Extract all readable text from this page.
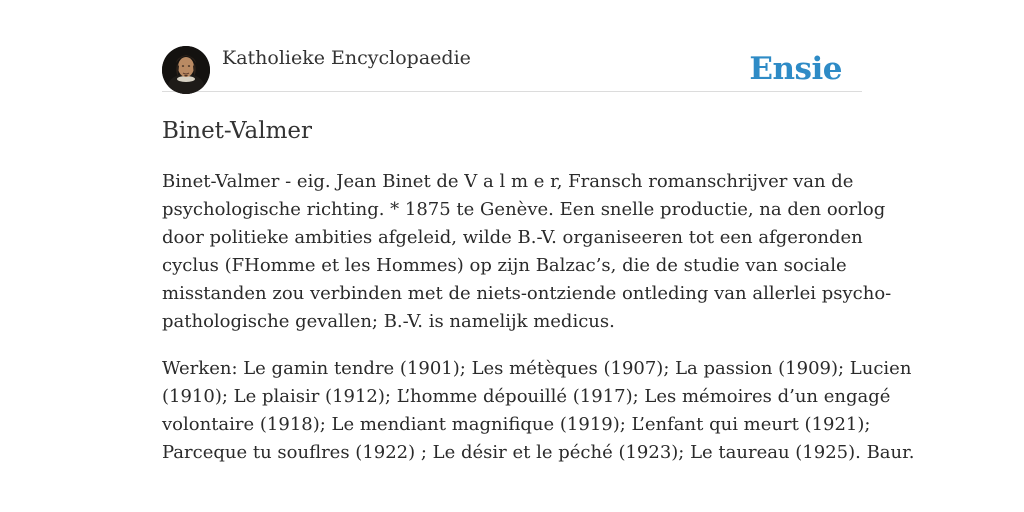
Katholieke Encyclopaedie	Ensie
Binet-Valmer

Binet-Valmer - eig. Jean Binet de V a l m e r, Fransch romanschrijver van de
psychologische richting. * 1875 te Genève. Een snelle productie, na den oorlog
door politieke ambities afgeleid, wilde B.-V. organiseeren tot een afgeronden
cyclus (FHomme et les Hommes) op zijn Balzac’s, die de studie van sociale
misstanden zou verbinden met de niets-ontziende ontleding van allerlei psycho-
pathologische gevallen; B.-V. is namelijk medicus.

Werken: Le gamin tendre (1901); Les métèques (1907); La passion (1909); Lucien
(1910); Le plaisir (1912); L’homme dépouillé (1917); Les mémoires d’un engagé
volontaire (1918); Le mendiant magnifique (1919); L’enfant qui meurt (1921);
Parceque tu souflres (1922) ; Le désir et le péché (1923); Le taureau (1925). Baur.
